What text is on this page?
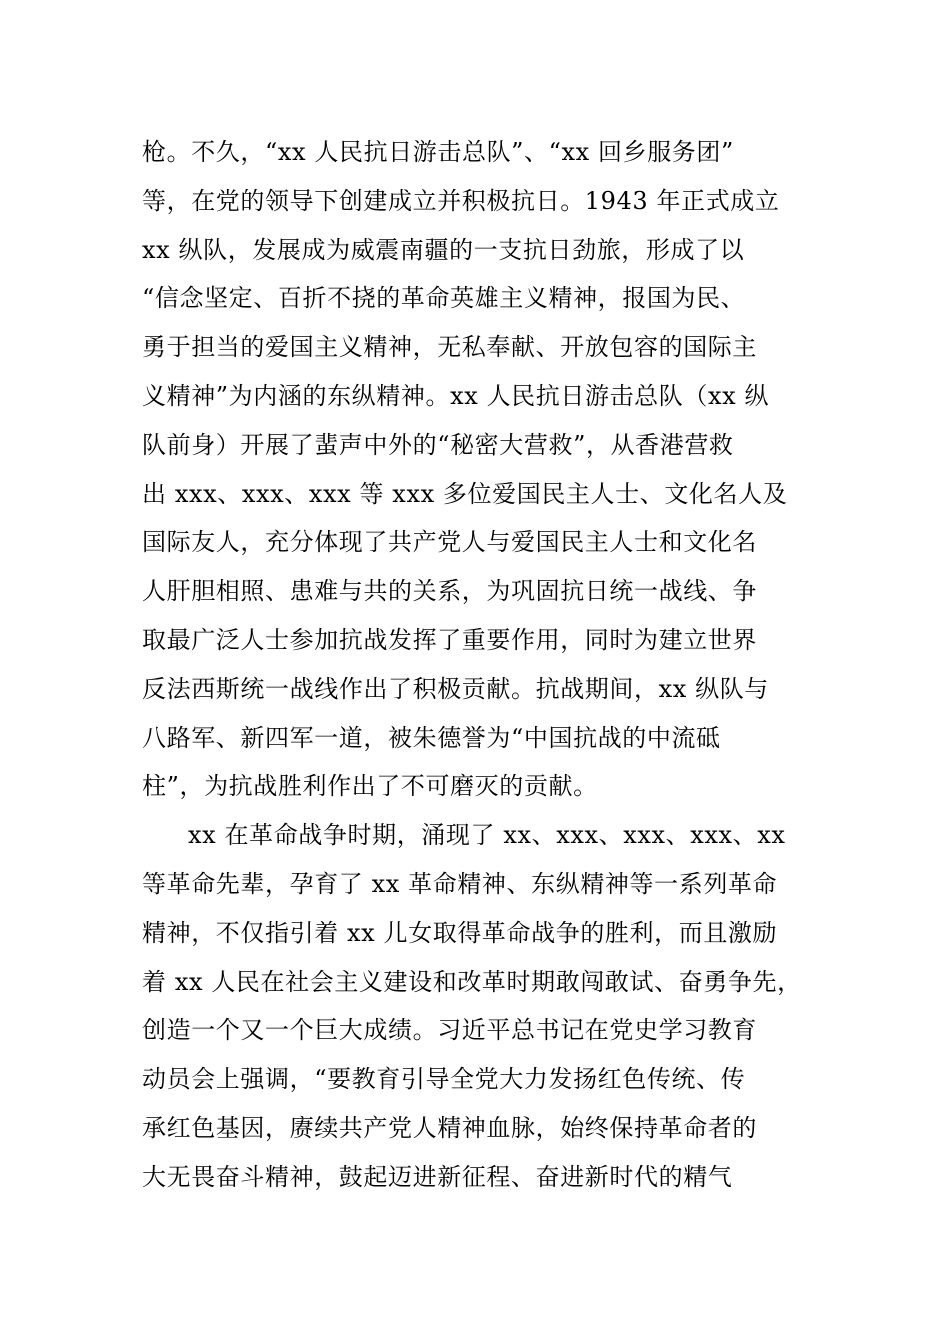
枪。不久，“xx 人民抗日游击总队”、“xx 回乡服务团”
等，在党的领导下创建成立并积极抗日。1943 年正式成立
xx 纵队，发展成为威震南疆的一支抗日劲旅，形成了以
“信念坚定、百折不挠的革命英雄主义精神，报国为民、
勇于担当的爱国主义精神，无私奉献、开放包容的国际主
义精神”为内涵的东纵精神。xx 人民抗日游击总队（xx 纵
队前身）开展了蜚声中外的“秘密大营救”，从香港营救
出 xxx、xxx、xxx 等 xxx 多位爱国民主人士、文化名人及
国际友人，充分体现了共产党人与爱国民主人士和文化名
人肝胆相照、患难与共的关系，为巩固抗日统一战线、争
取最广泛人士参加抗战发挥了重要作用，同时为建立世界
反法西斯统一战线作出了积极贡献。抗战期间，xx 纵队与
八路军、新四军一道，被朱德誉为“中国抗战的中流砥
柱”，为抗战胜利作出了不可磨灭的贡献。
xx 在革命战争时期，涌现了 xx、xxx、xxx、xxx、xx
等革命先辈，孕育了 xx 革命精神、东纵精神等一系列革命
精神，不仅指引着 xx 儿女取得革命战争的胜利，而且激励
着 xx 人民在社会主义建设和改革时期敢闯敢试、奋勇争先，
创造一个又一个巨大成绩。习近平总书记在党史学习教育
动员会上强调，“要教育引导全党大力发扬红色传统、传
承红色基因，赓续共产党人精神血脉，始终保持革命者的
大无畏奋斗精神，鼓起迈进新征程、奋进新时代的精气
